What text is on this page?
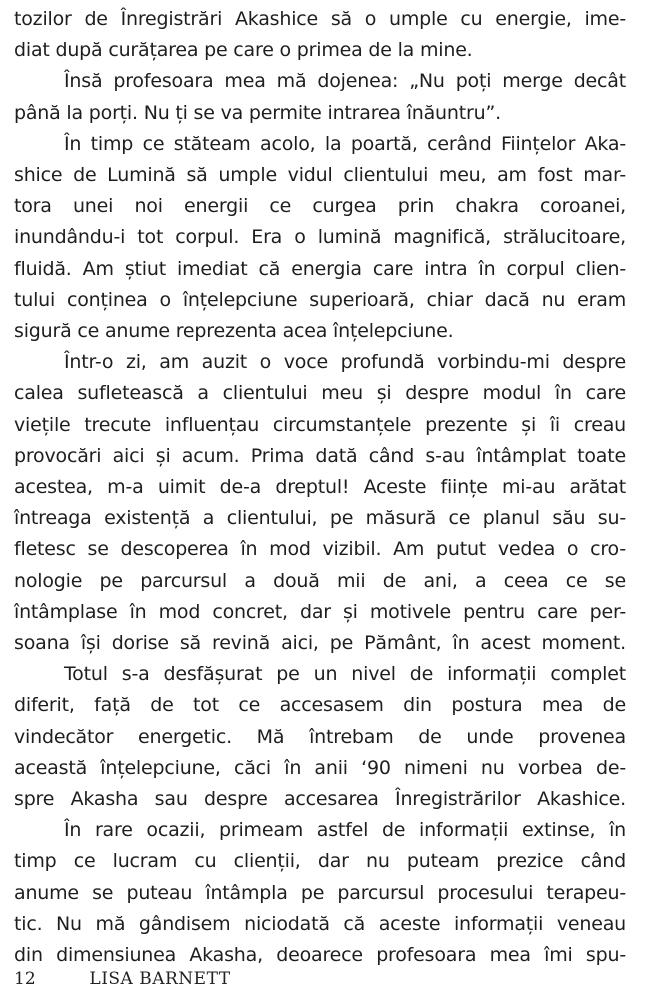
tozilor de Înregistrări Akashice să o umple cu energie, ime-
diat după curățarea pe care o primea de la mine.
Însă profesoara mea mă dojenea: „Nu poți merge decât
până la porți. Nu ți se va permite intrarea înăuntru”.
În timp ce stăteam acolo, la poartă, cerând Ființelor Aka-
shice de Lumină să umple vidul clientului meu, am fost mar-
tora unei noi energii ce curgea prin chakra coroanei,
inundându-i tot corpul. Era o lumină magnifică, strălucitoare,
fluidă. Am știut imediat că energia care intra în corpul clien-
tului conținea o înțelepciune superioară, chiar dacă nu eram
sigură ce anume reprezenta acea înțelepciune.
Într-o zi, am auzit o voce profundă vorbindu-mi despre
calea sufletească a clientului meu și despre modul în care
viețile trecute influențau circumstanțele prezente și îi creau
provocări aici și acum. Prima dată când s-au întâmplat toate
acestea, m-a uimit de-a dreptul! Aceste ființe mi-au arătat
întreaga existență a clientului, pe măsură ce planul său su-
fletesc se descoperea în mod vizibil. Am putut vedea o cro-
nologie pe parcursul a două mii de ani, a ceea ce se
întâmplase în mod concret, dar și motivele pentru care per-
soana își dorise să revină aici, pe Pământ, în acest moment.
Totul s-a desfășurat pe un nivel de informații complet
diferit, față de tot ce accesasem din postura mea de
vindecător energetic. Mă întrebam de unde provenea
această înțelepciune, căci în anii ‘90 nimeni nu vorbea de-
spre Akasha sau despre accesarea Înregistrărilor Akashice.
În rare ocazii, primeam astfel de informații extinse, în
timp ce lucram cu clienții, dar nu puteam prezice când
anume se puteau întâmpla pe parcursul procesului terapeu-
tic. Nu mă gândisem niciodată că aceste informații veneau
din dimensiunea Akasha, deoarece profesoara mea îmi spu-
12	LISA BARNETT
